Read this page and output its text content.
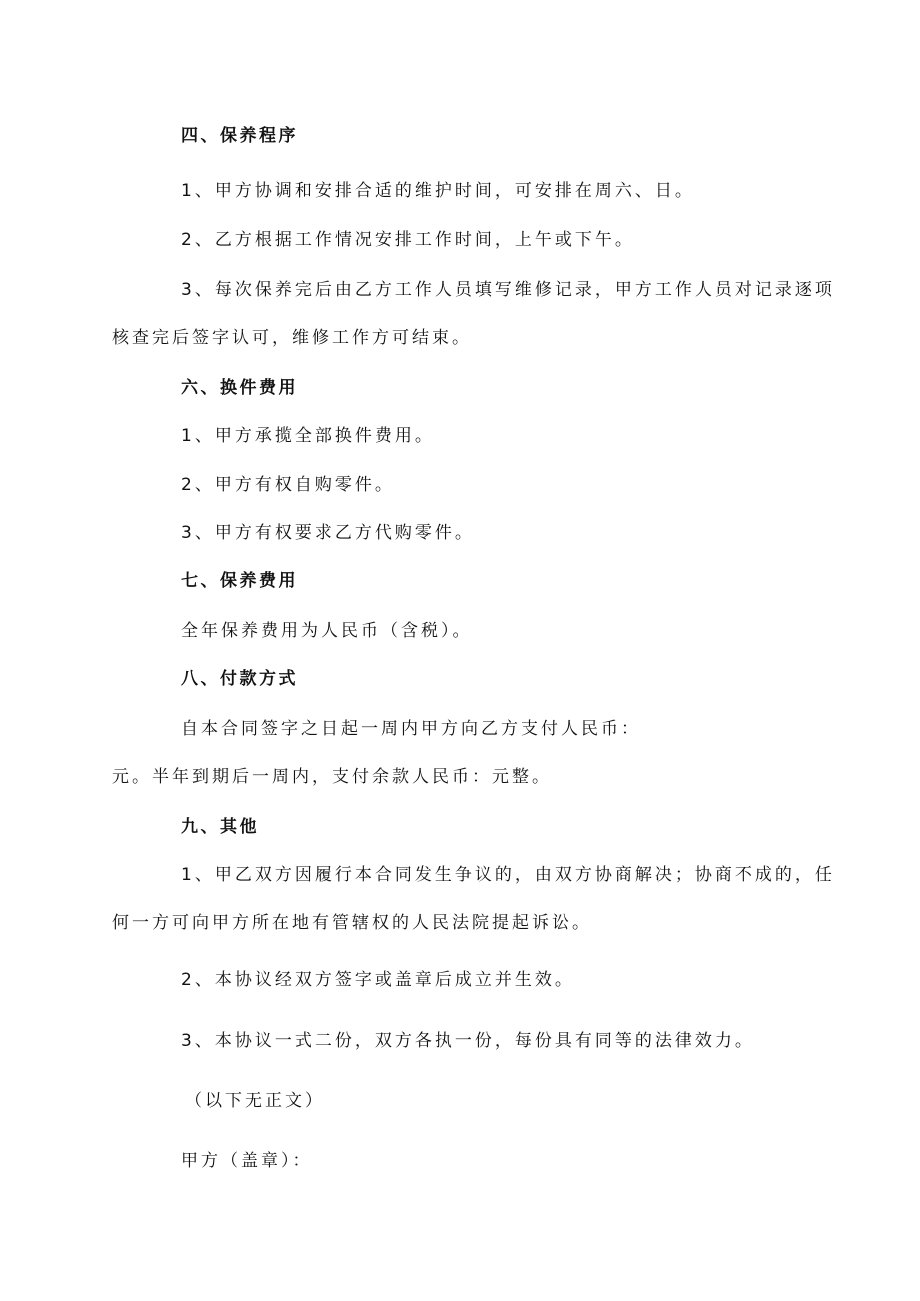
四、保养程序
1、甲方协调和安排合适的维护时间，可安排在周六、日。
2、乙方根据工作情况安排工作时间，上午或下午。
3、每次保养完后由乙方工作人员填写维修记录，甲方工作人员对记录逐项
核查完后签字认可，维修工作方可结束。
六、换件费用
1、甲方承揽全部换件费用。
2、甲方有权自购零件。
3、甲方有权要求乙方代购零件。
七、保养费用
全年保养费用为人民币（含税）。
八、付款方式
自本合同签字之日起一周内甲方向乙方支付人民币：
元。半年到期后一周内，支付余款人民币：元整。
九、其他
1、甲乙双方因履行本合同发生争议的，由双方协商解决；协商不成的，任
何一方可向甲方所在地有管辖权的人民法院提起诉讼。
2、本协议经双方签字或盖章后成立并生效。
3、本协议一式二份，双方各执一份，每份具有同等的法律效力。
（以下无正文）
甲方（盖章）：
